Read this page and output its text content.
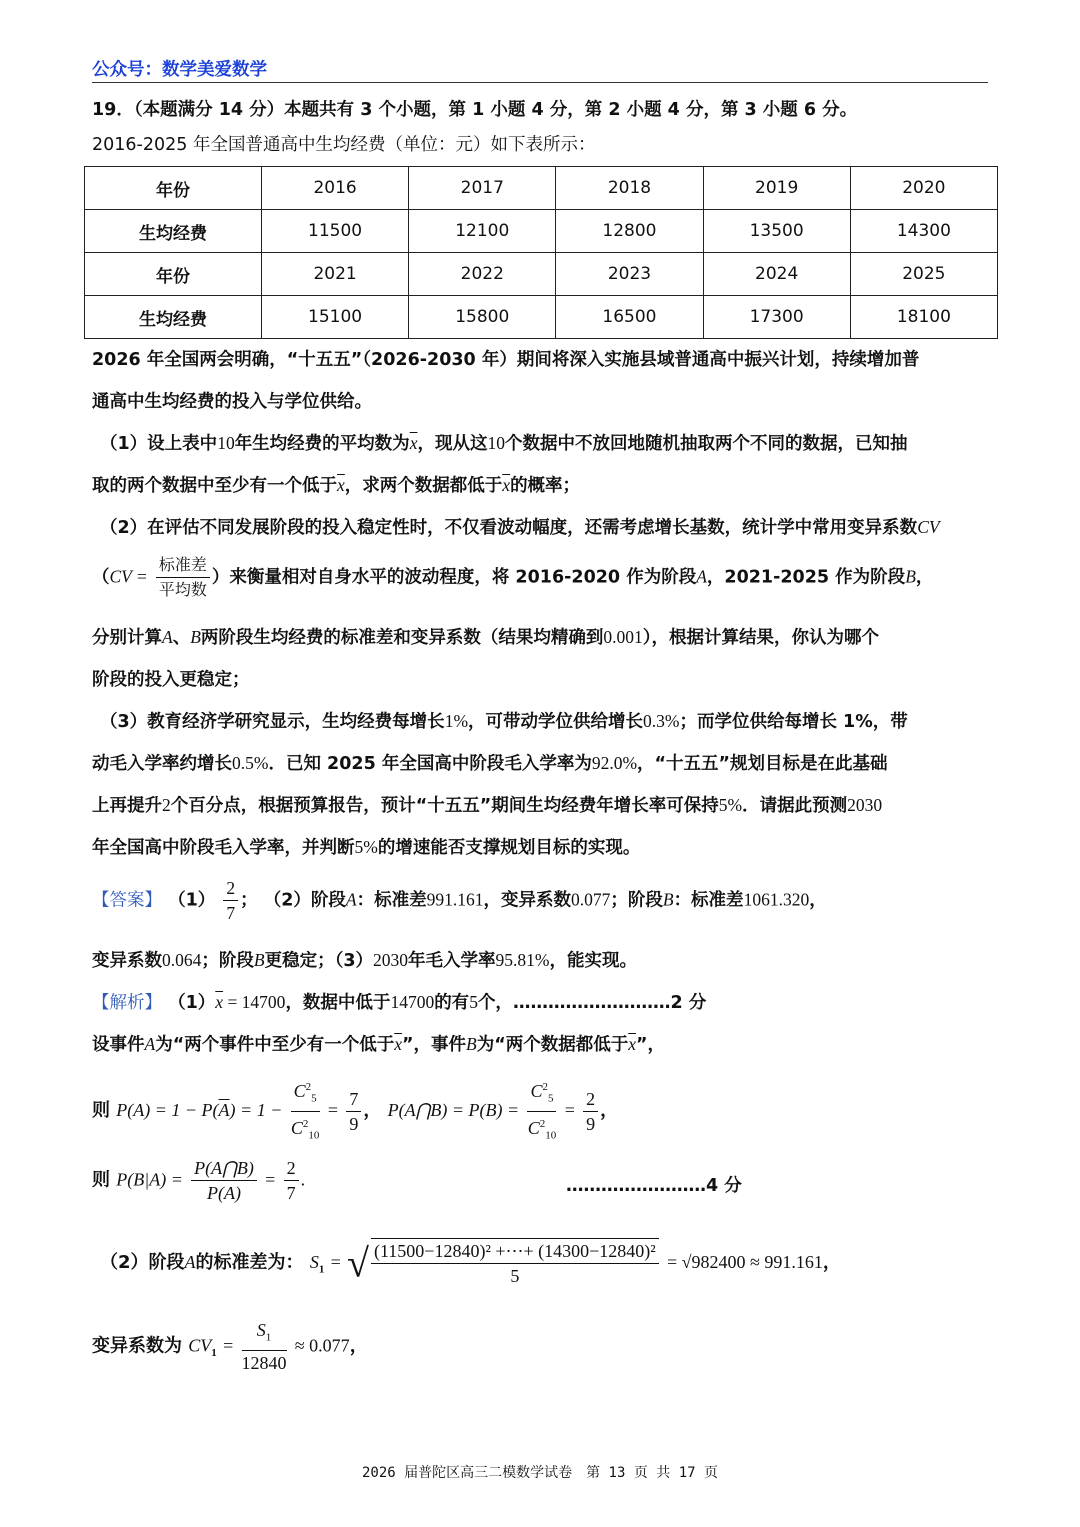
公众号：数学美爱数学
19．（本题满分 14 分）本题共有 3 个小题，第 1 小题 4 分，第 2 小题 4 分，第 3 小题 6 分。
2016-2025 年全国普通高中生均经费（单位：元）如下表所示：
年份	2016	2017	2018	2019	2020
生均经费	11500	12100	12800	13500	14300
年份	2021	2022	2023	2024	2025
生均经费	15100	15800	16500	17300	18100
2026 年全国两会明确，“十五五”（2026-2030 年）期间将深入实施县域普通高中振兴计划，持续增加普
通高中生均经费的投入与学位供给。
（1）设上表中10年生均经费的平均数为$\overline{x}$，现从这10个数据中不放回地随机抽取两个不同的数据，已知抽
取的两个数据中至少有一个低于$\overline{x}$，求两个数据都低于$\overline{x}$的概率；
（2）在评估不同发展阶段的投入稳定性时，不仅看波动幅度，还需考虑增长基数，统计学中常用变异系数CV
（$CV = \frac{\text{标准差}}{\text{平均数}}$ ）来衡量相对自身水平的波动程度，将 2016-2020 作为阶段A，2021-2025 作为阶段B，
分别计算A、B两阶段生均经费的标准差和变异系数（结果均精确到0.001），根据计算结果，你认为哪个
阶段的投入更稳定；
（3）教育经济学研究显示，生均经费每增长1%，可带动学位供给增长0.3%；而学位供给每增长 1%，带
动毛入学率约增长0.5%．已知 2025 年全国高中阶段毛入学率为92.0%，“十五五”规划目标是在此基础
上再提升2个百分点，根据预算报告，预计“十五五”期间生均经费年增长率可保持5%．请据此预测2030
年全国高中阶段毛入学率，并判断5%的增速能否支撑规划目标的实现。
【答案】 $(1) \frac{2}{7}$ ； （2）阶段A：标准差991.161，变异系数0.077；阶段B：标准差1061.320，
变异系数0.064；阶段B更稳定；（3）2030年毛入学率95.81%，能实现。
【解析】 $(1)\overline{x} = 14700$，数据中低于14700的有5个，………………………2 分
设事件A为“两个事件中至少有一个低于$\overline{x}$”，事件B为“两个数据都低于$\overline{x}$”，
则 $P(A) = 1 - P(\overline{A}) = 1 - \frac{C^2_5}{C^2_{10}} = \frac{7}{9}$ ， P(A⋂B) = $P(B) = \frac{C^2_5}{C^2_{10}} = \frac{2}{9}$ ，
则 $P(B|A) = \frac{P(A⋂B)}{P(A)} = \frac{2}{7}$ .	……………………4 分
（2）阶段A的标准差为： $S_1$ = √ $\frac{\text{(11500−12840)² +⋯+ (14300−12840)²}}{5} = √982400 \approx 991.161$，
变异系数为 $CV_1 = \frac{S_1}{12840} \approx 0.077$，
2026 届普陀区高三二模数学试卷　第 13 页 共 17 页
